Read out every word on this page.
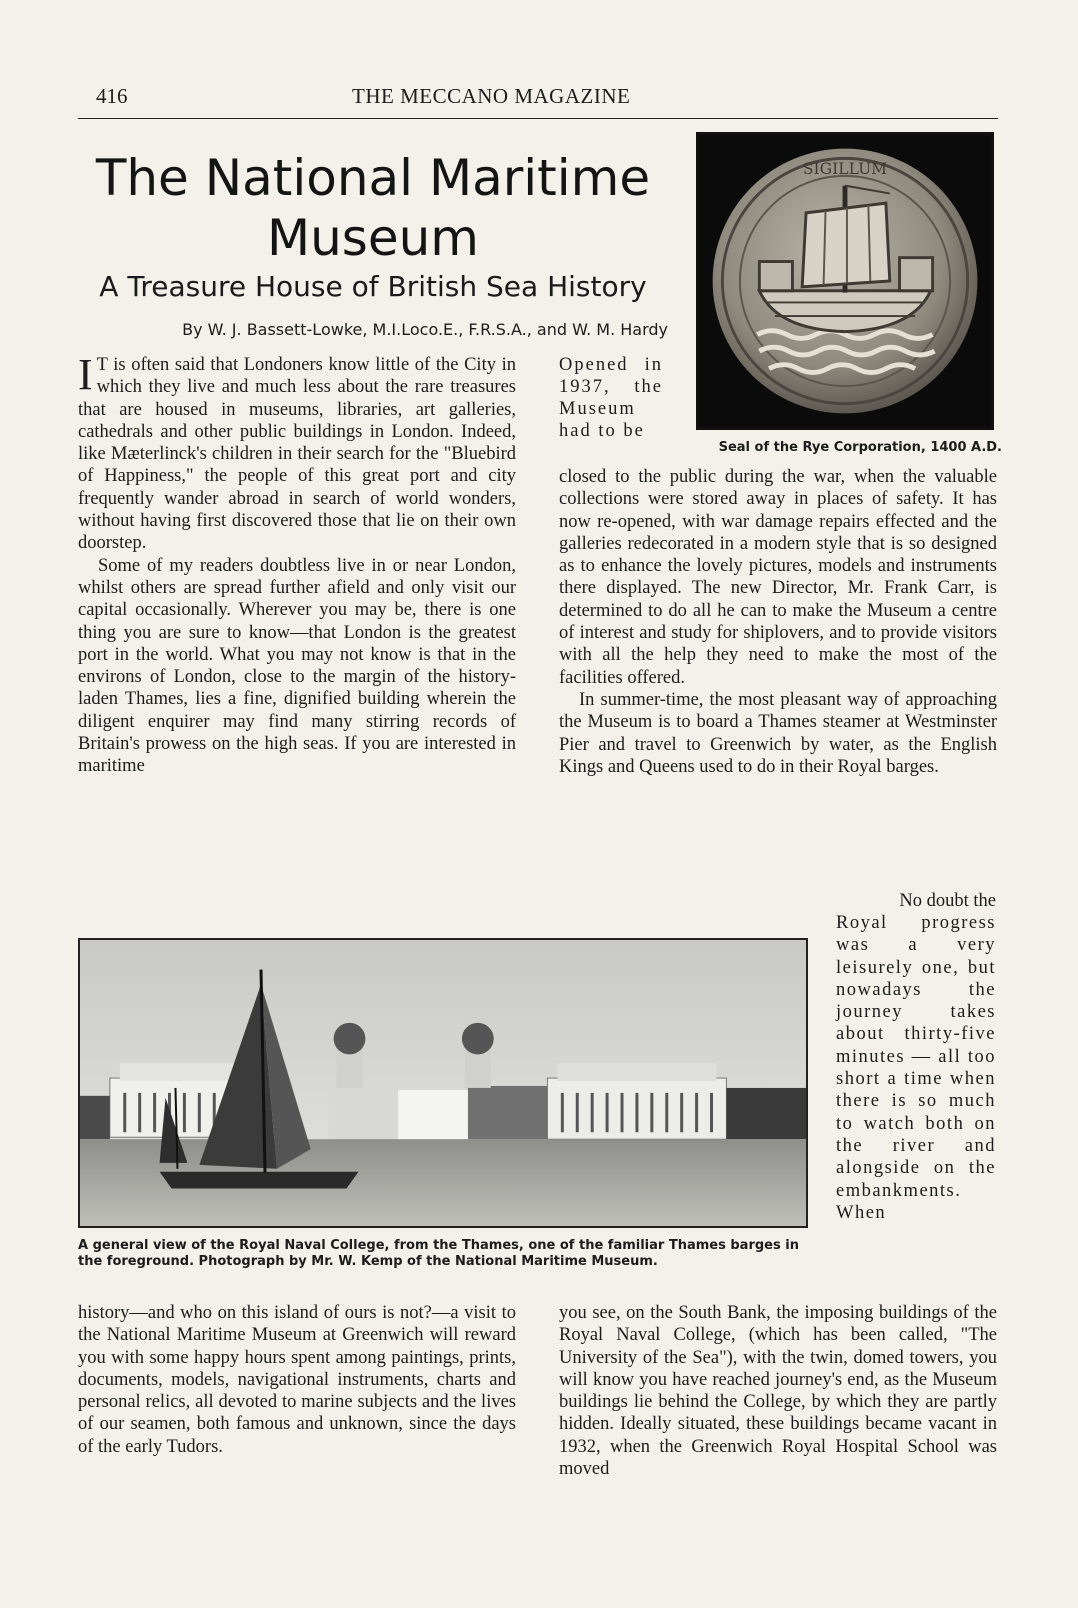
416	THE MECCANO MAGAZINE
The National Maritime Museum
A Treasure House of British Sea History

By W. J. Bassett-Lowke, M.I.Loco.E., F.R.S.A., and W. M. Hardy

SIGILLUM

Seal of the Rye Corporation, 1400 A.D.

IT is often said that Londoners know little of the City in which they live and much less about the rare treasures that are housed in museums, libraries, art galleries, cathedrals and other public buildings in London. Indeed, like Mæterlinck's children in their search for the "Bluebird of Happiness," the people of this great port and city frequently wander abroad in search of world wonders, without having first discovered those that lie on their own doorstep.

Some of my readers doubtless live in or near London, whilst others are spread further afield and only visit our capital occasionally. Wherever you may be, there is one thing you are sure to know—that London is the greatest port in the world. What you may not know is that in the environs of London, close to the margin of the history-laden Thames, lies a fine, dignified building wherein the diligent enquirer may find many stirring records of Britain's prowess on the high seas. If you are interested in maritime

Opened in 1937, the Museum had to be

closed to the public during the war, when the valuable collections were stored away in places of safety. It has now re-opened, with war damage repairs effected and the galleries redecorated in a modern style that is so designed as to enhance the lovely pictures, models and instruments there displayed. The new Director, Mr. Frank Carr, is determined to do all he can to make the Museum a centre of interest and study for shiplovers, and to provide visitors with all the help they need to make the most of the facilities offered.

In summer-time, the most pleasant way of approaching the Museum is to board a Thames steamer at Westminster Pier and travel to Greenwich by water, as the English Kings and Queens used to do in their Royal barges.

No doubt the

Royal progress was a very leisurely one, but nowadays the journey takes about thirty-five minutes — all too short a time when there is so much to watch both on the river and alongside on the embankments. When

A general view of the Royal Naval College, from the Thames, one of the familiar Thames barges in the foreground. Photograph by Mr. W. Kemp of the National Maritime Museum.

history—and who on this island of ours is not?—a visit to the National Maritime Museum at Greenwich will reward you with some happy hours spent among paintings, prints, documents, models, navigational instruments, charts and personal relics, all devoted to marine subjects and the lives of our seamen, both famous and unknown, since the days of the early Tudors.

you see, on the South Bank, the imposing buildings of the Royal Naval College, (which has been called, "The University of the Sea"), with the twin, domed towers, you will know you have reached journey's end, as the Museum buildings lie behind the College, by which they are partly hidden. Ideally situated, these buildings became vacant in 1932, when the Greenwich Royal Hospital School was moved
